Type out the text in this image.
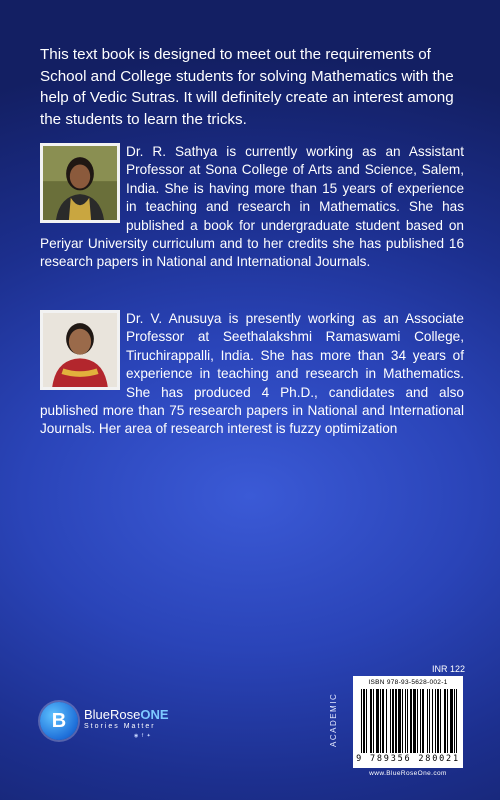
This text book is designed to meet out the requirements of School and College students for solving Mathematics with the help of Vedic Sutras. It will definitely create an interest among the students to learn the tricks.

Dr. R. Sathya is currently working as an Assistant Professor at Sona College of Arts and Science, Salem, India. She is having more than 15 years of experience in teaching and research in Mathematics. She has published a book for undergraduate student based on Periyar University curriculum and to her credits she has published 16 research papers in National and International Journals.

Dr. V. Anusuya is presently working as an Associate Professor at Seethalakshmi Ramaswami College, Tiruchirappalli, India. She has more than 34 years of experience in teaching and research in Mathematics. She has produced 4 Ph.D., candidates and also published more than 75 research papers in National and International Journals. Her area of research interest is fuzzy optimization

B	BlueRoseONE
Stories Matter
◉ f ✦
INR 122
ACADEMIC
ISBN 978-93-5628-002-1
9 789356 280021
www.BlueRoseOne.com
